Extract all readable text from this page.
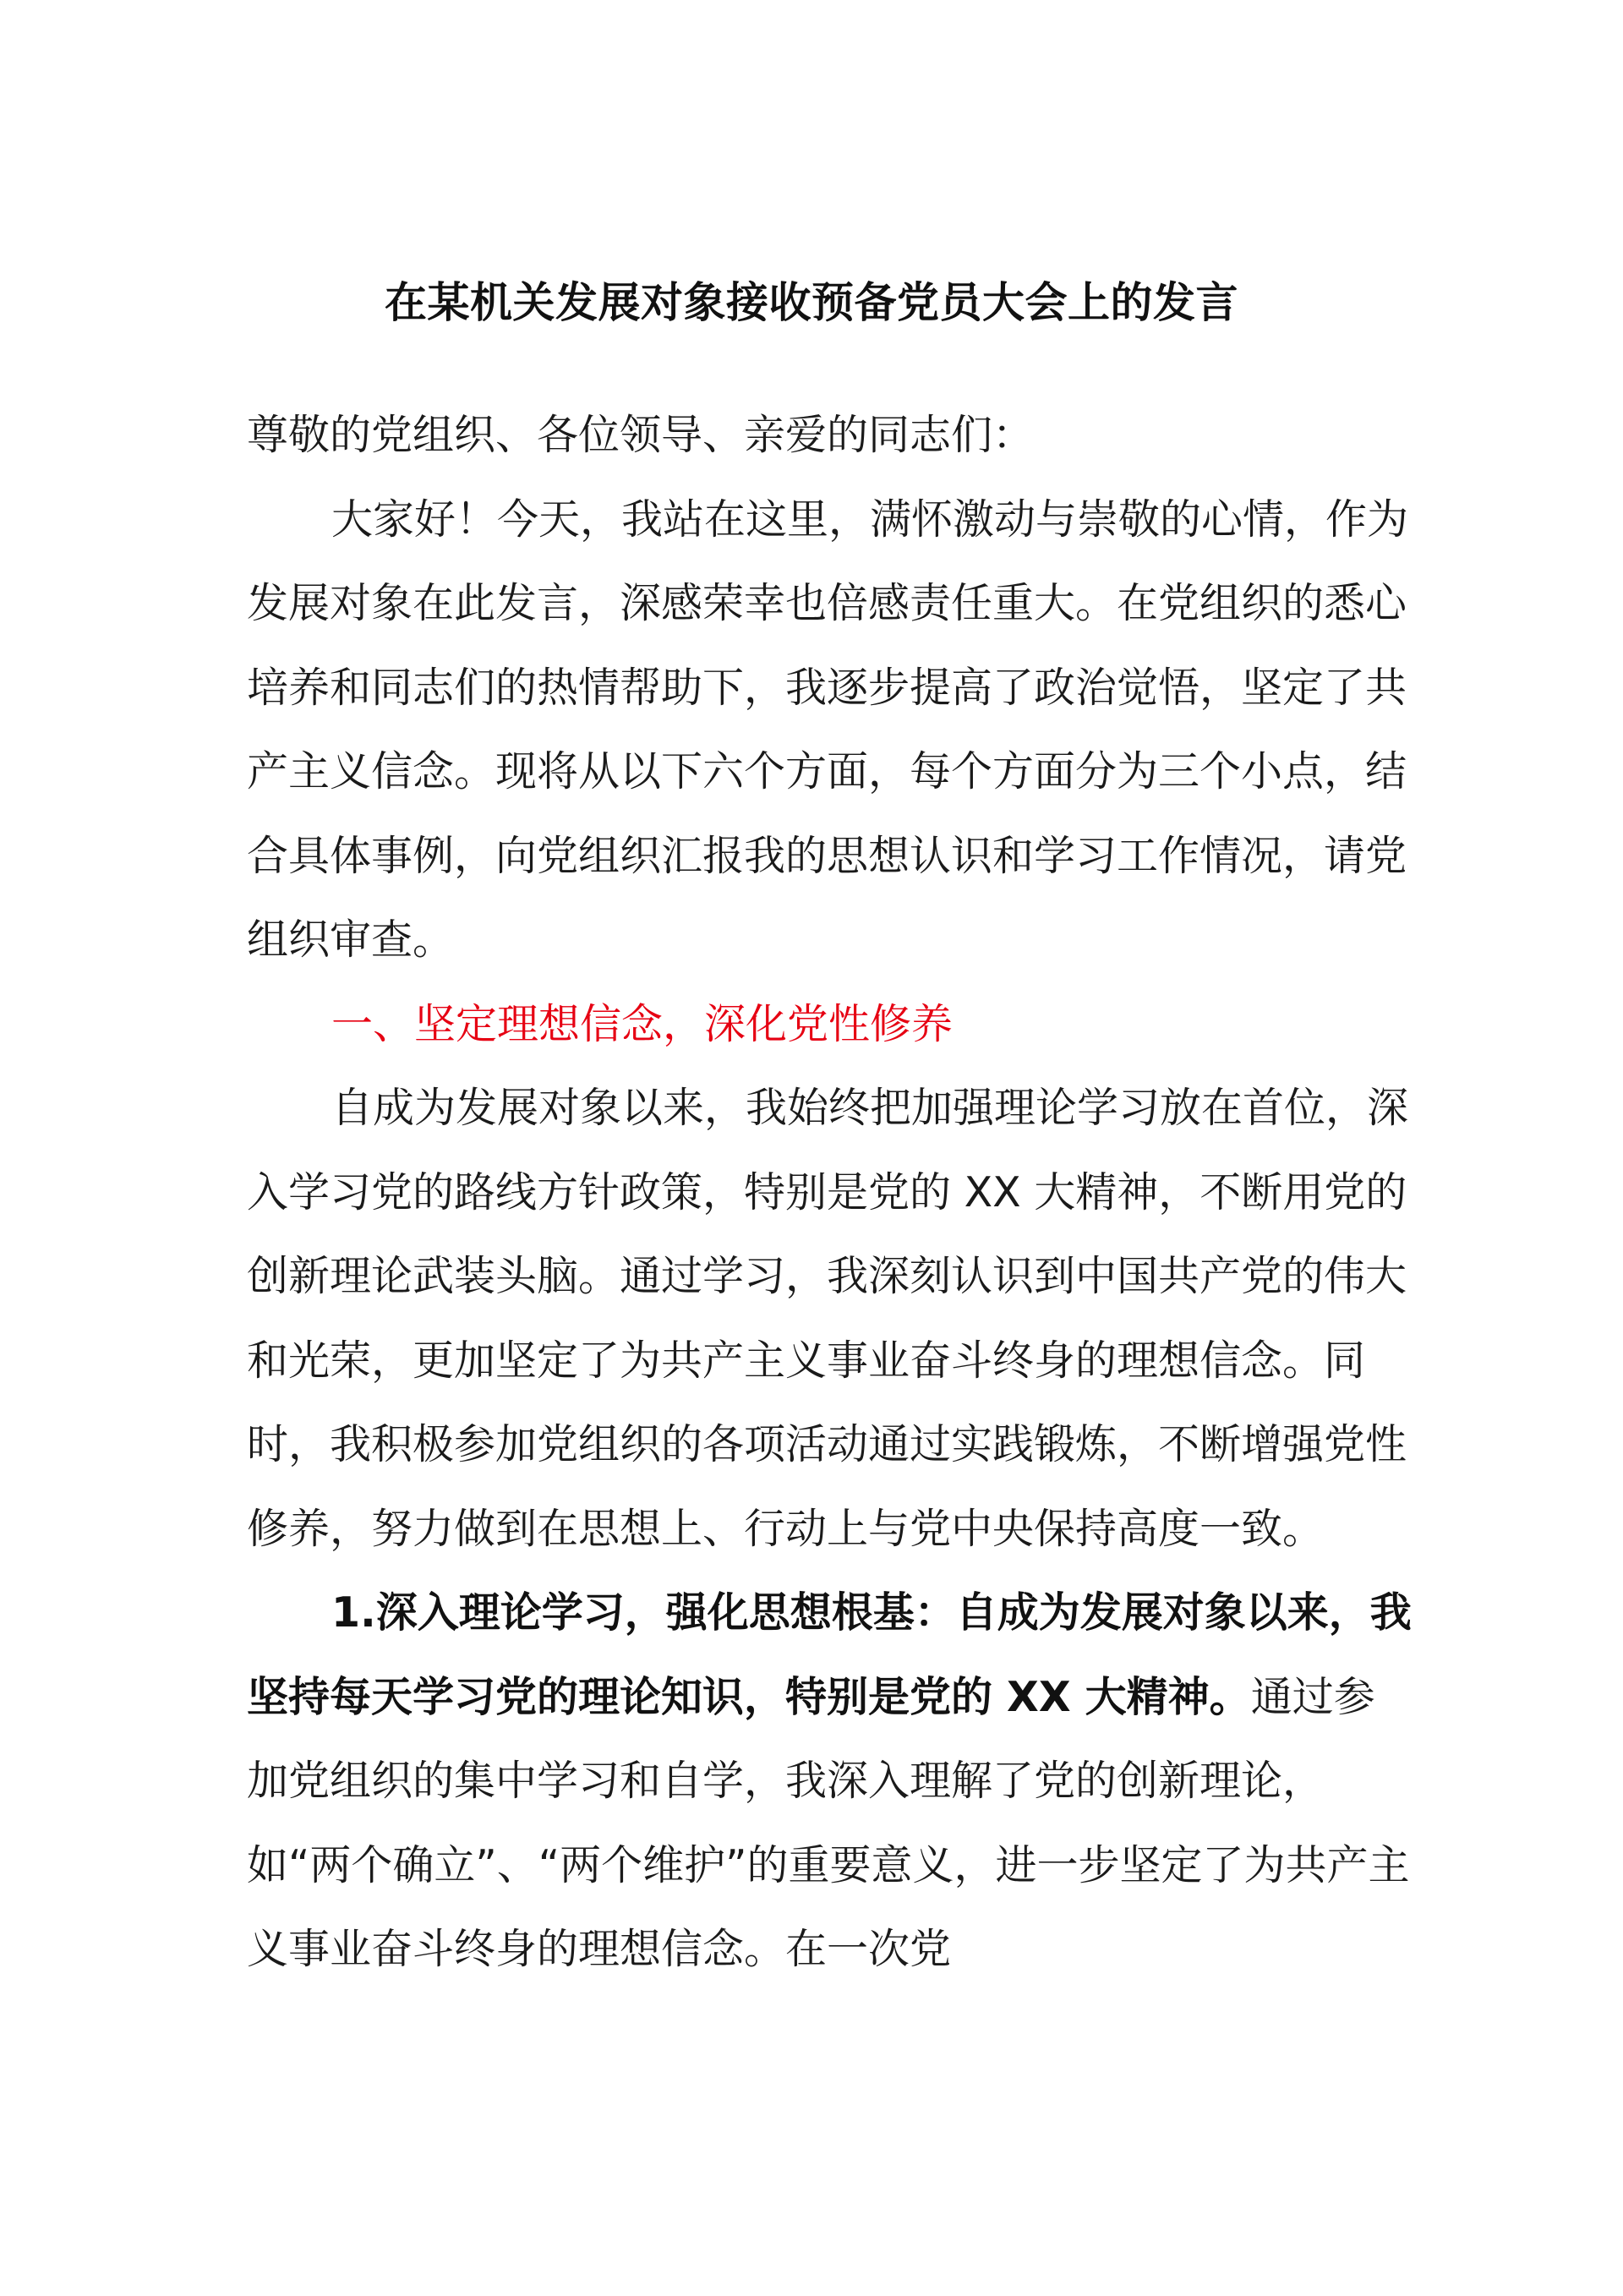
在某机关发展对象接收预备党员大会上的发言

尊敬的党组织、各位领导、亲爱的同志们：

大家好！今天，我站在这里，满怀激动与崇敬的心情，作为发展对象在此发言，深感荣幸也倍感责任重大。在党组织的悉心培养和同志们的热情帮助下，我逐步提高了政治觉悟，坚定了共产主义信念。现将从以下六个方面，每个方面分为三个小点，结合具体事例，向党组织汇报我的思想认识和学习工作情况，请党组织审查。

一、坚定理想信念，深化党性修养

自成为发展对象以来，我始终把加强理论学习放在首位，深入学习党的路线方针政策，特别是党的 XX 大精神，不断用党的创新理论武装头脑。通过学习，我深刻认识到中国共产党的伟大和光荣，更加坚定了为共产主义事业奋斗终身的理想信念。同时，我积极参加党组织的各项活动通过实践锻炼，不断增强党性修养，努力做到在思想上、行动上与党中央保持高度一致。

1.深入理论学习，强化思想根基：自成为发展对象以来，我坚持每天学习党的理论知识，特别是党的 XX 大精神。通过参加党组织的集中学习和自学，我深入理解了党的创新理论，如“两个确立”、“两个维护”的重要意义，进一步坚定了为共产主义事业奋斗终身的理想信念。在一次党
